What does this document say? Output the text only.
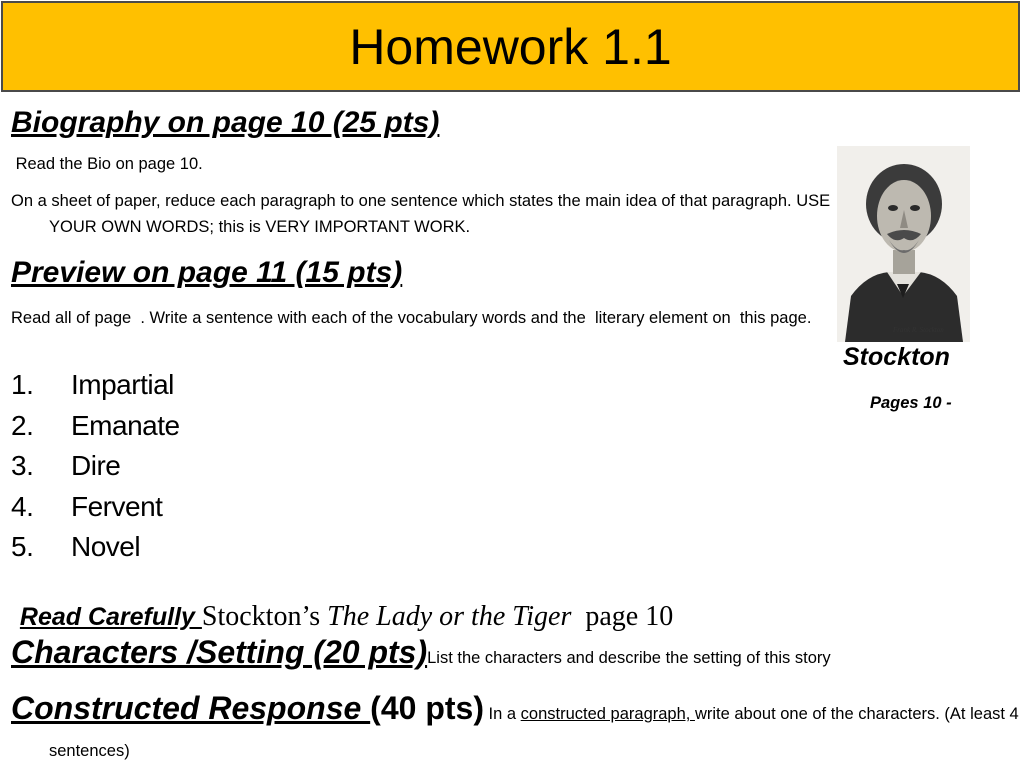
Homework 1.1
Biography on page 10 (25 pts)
Read the Bio on page 10.
On a sheet of paper, reduce each paragraph to one sentence which states the main idea of that paragraph. USE YOUR OWN WORDS; this is VERY IMPORTANT WORK.
Preview on page 11 (15 pts)
Read all of page  . Write a sentence with each of the vocabulary words and the  literary element on  this page.
1.	Impartial
2.	Emanate
3.	Dire
4.	Fervent
5.	Novel

Read Carefully Stockton’s The Lady or the Tiger  page 10

Characters /Setting (20 pts)List the characters and describe the setting of this story
Constructed Response (40 pts) In a constructed paragraph, write about one of the characters. (At least 4 sentences)
Frank R. Stockton
Stockton
Pages 10 -
